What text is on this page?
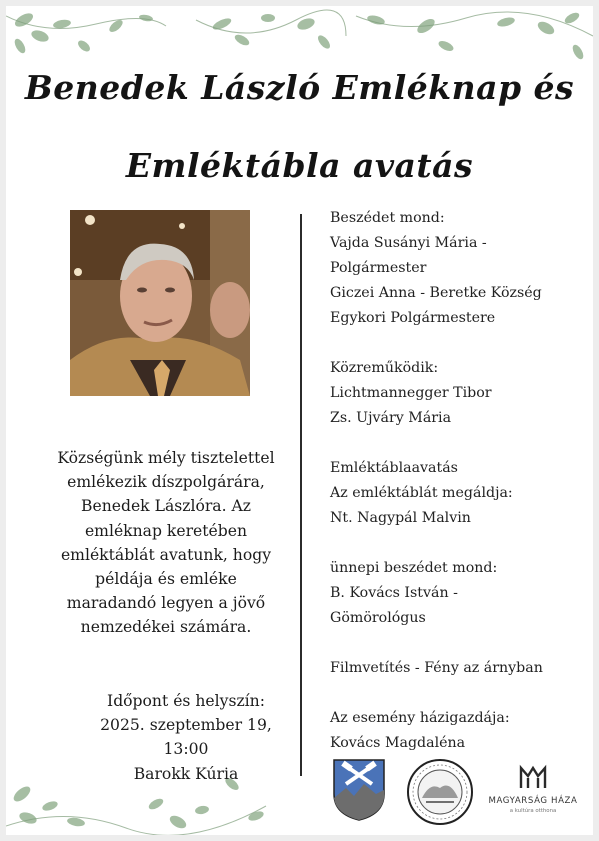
Benedek László Emléknap és
Emléktábla avatás
Községünk mély tisztelettel
emlékezik díszpolgárára,
Benedek Lászlóra. Az
emléknap keretében
emléktáblát avatunk, hogy
példája és emléke
maradandó legyen a jövő
nemzedékei számára.
Időpont és helyszín:
2025. szeptember 19,
13:00
Barokk Kúria
Beszédet mond:
Vajda Susányi Mária -
Polgármester
Giczei Anna - Beretke Község
Egykori Polgármestere
Közreműködik:
Lichtmannegger Tibor
Zs. Ujváry Mária
Emléktáblaavatás
Az emléktáblát megáldja:
Nt. Nagypál Malvin
ünnepi beszédet mond:
B. Kovács István -
Gömörológus
Filmvetítés - Fény az árnyban
Az esemény házigazdája:
Kovács Magdaléna
MAGYARSÁG HÁZA
a kultúra otthona
